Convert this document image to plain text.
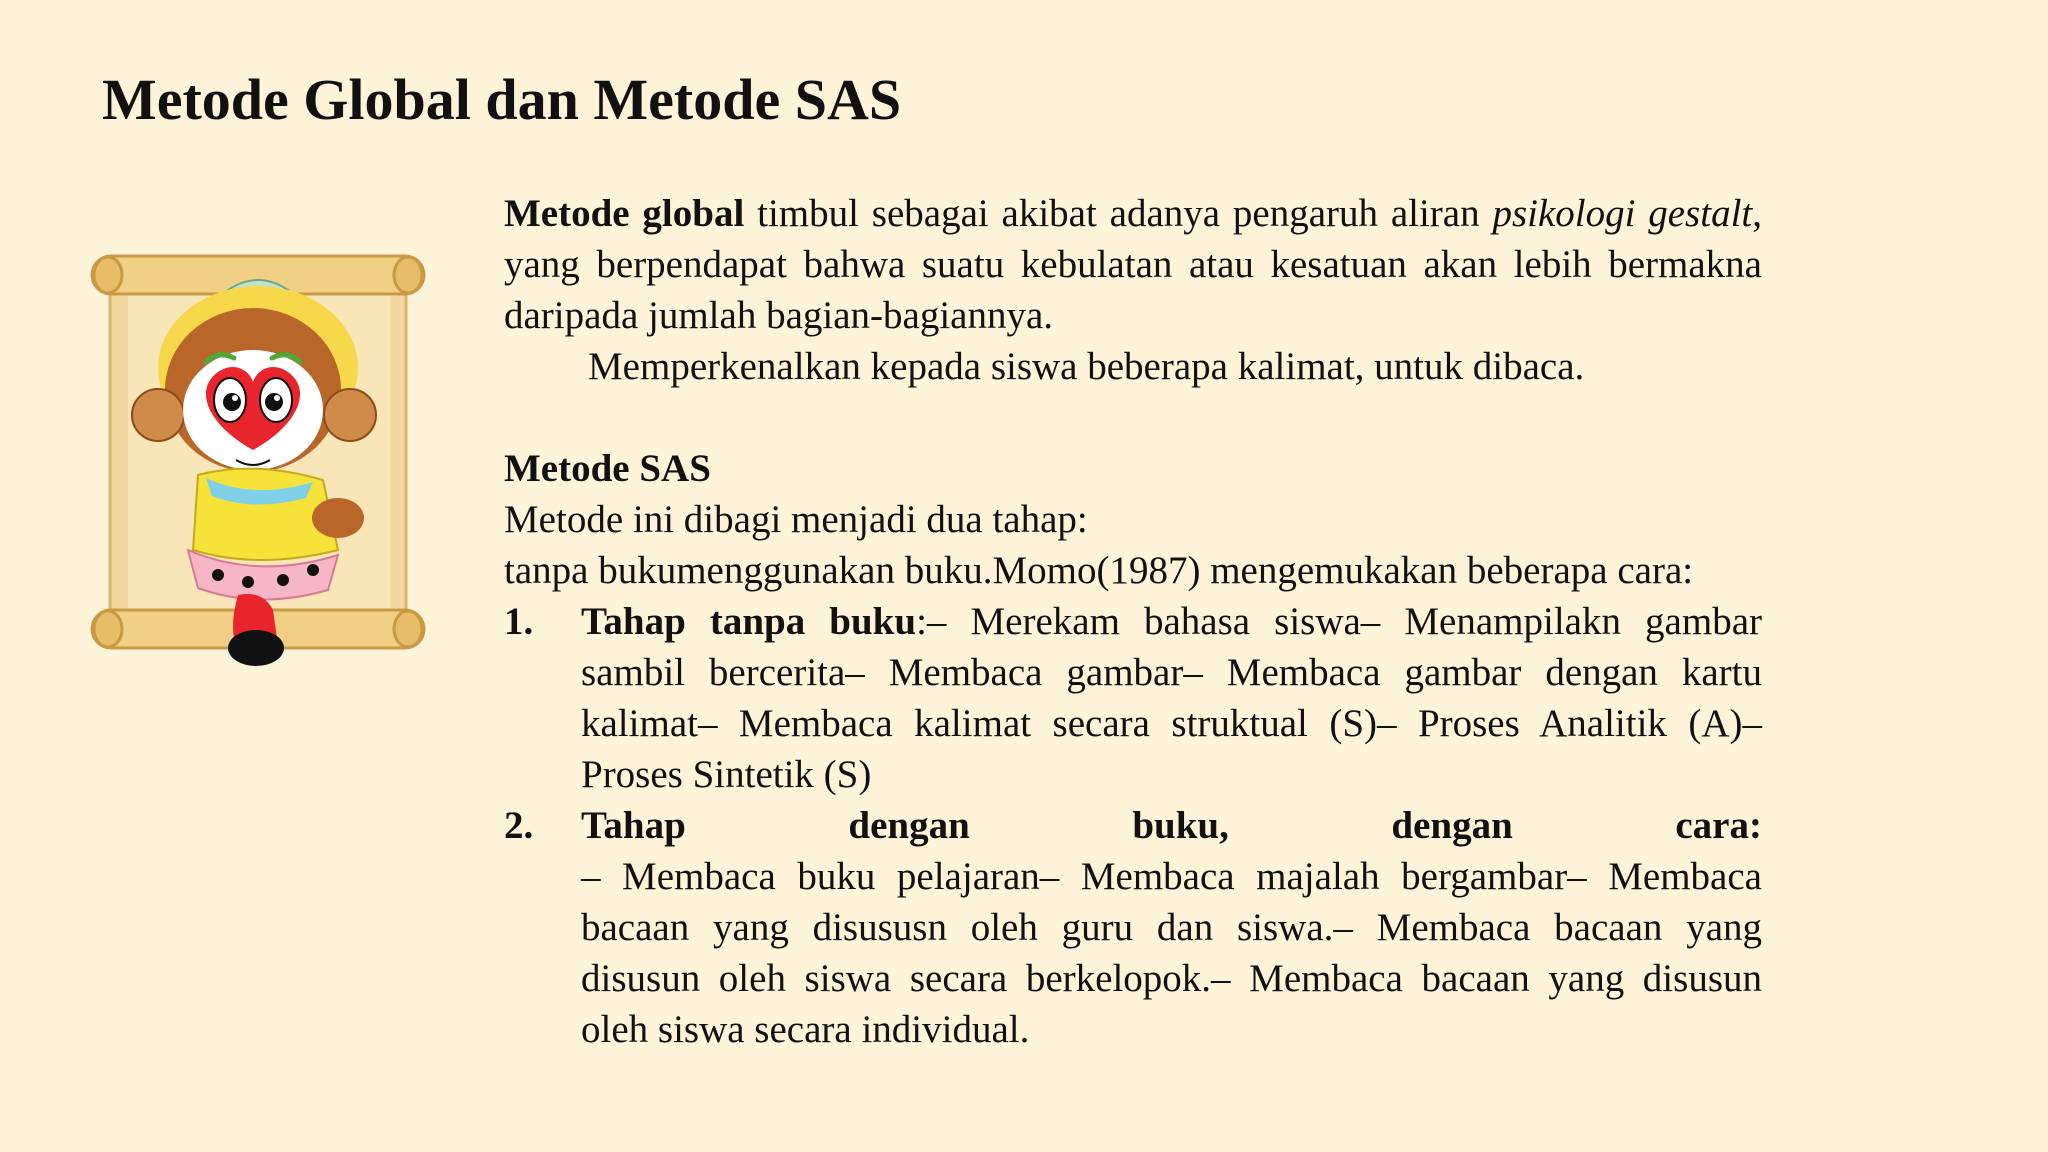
Metode Global dan Metode SAS

Metode global timbul sebagai akibat adanya pengaruh aliran psikologi gestalt, yang berpendapat bahwa suatu kebulatan atau kesatuan akan lebih bermakna daripada jumlah bagian-bagiannya.

Memperkenalkan kepada siswa beberapa kalimat, untuk dibaca.

Metode SAS

Metode ini dibagi menjadi dua tahap:

tanpa bukumenggunakan buku.Momo(1987) mengemukakan beberapa cara:

1.	Tahap tanpa buku:– Merekam bahasa siswa– Menampilakn gambar sambil bercerita– Membaca gambar– Membaca gambar dengan kartu kalimat– Membaca kalimat secara struktual (S)– Proses Analitik (A)– Proses Sintetik (S)
2.	Tahap	dengan	buku,	dengan	cara:
– Membaca buku pelajaran– Membaca majalah bergambar– Membaca bacaan yang disususn oleh guru dan siswa.– Membaca bacaan yang disusun oleh siswa secara berkelopok.– Membaca bacaan yang disusun oleh siswa secara individual.
